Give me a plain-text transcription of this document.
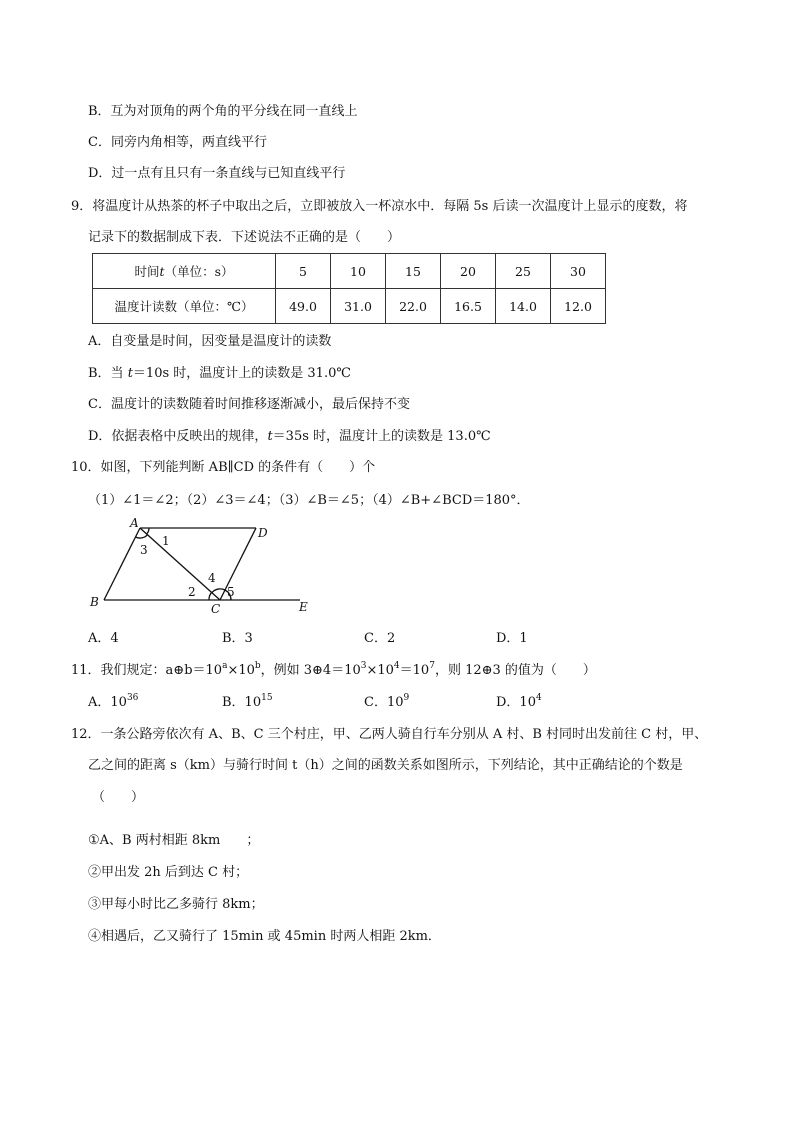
B．互为对顶角的两个角的平分线在同一直线上
C．同旁内角相等，两直线平行
D．过一点有且只有一条直线与已知直线平行
9．将温度计从热茶的杯子中取出之后，立即被放入一杯凉水中．每隔 5s 后读一次温度计上显示的度数，将
记录下的数据制成下表．下述说法不正确的是（　　）
时间t（单位：s）	5	10	15	20	25	30
温度计读数（单位：℃）	49.0	31.0	22.0	16.5	14.0	12.0
A．自变量是时间，因变量是温度计的读数
B．当 t＝10s 时，温度计上的读数是 31.0℃
C．温度计的读数随着时间推移逐渐减小，最后保持不变
D．依据表格中反映出的规律，t＝35s 时，温度计上的读数是 13.0℃
10．如图，下列能判断 AB∥CD 的条件有（　　）个
（1）∠1＝∠2；（2）∠3＝∠4；（3）∠B＝∠5；（4）∠B+∠BCD＝180°．
A
D
B	C	E
1
3
4
2	5
A．4	B．3	C．2	D．1
11．我们规定：$a\oplus b=10^a\times 10^b$，例如 $3\oplus 4=10^3\times 10^4=10^7$，则 12⊕3 的值为（　　）
A．$10^{36}$	B．$10^{15}$	C．$10^9$	D．$10^4$
12．一条公路旁依次有 A、B、C 三个村庄，甲、乙两人骑自行车分别从 A 村、B 村同时出发前往 C 村，甲、
乙之间的距离 s（km）与骑行时间 t（h）之间的函数关系如图所示，下列结论，其中正确结论的个数是
（　　）
①A、B 两村相距 8km　　；
②甲出发 2h 后到达 C 村；
③甲每小时比乙多骑行 8km；
④相遇后，乙又骑行了 15min 或 45min 时两人相距 2km．
